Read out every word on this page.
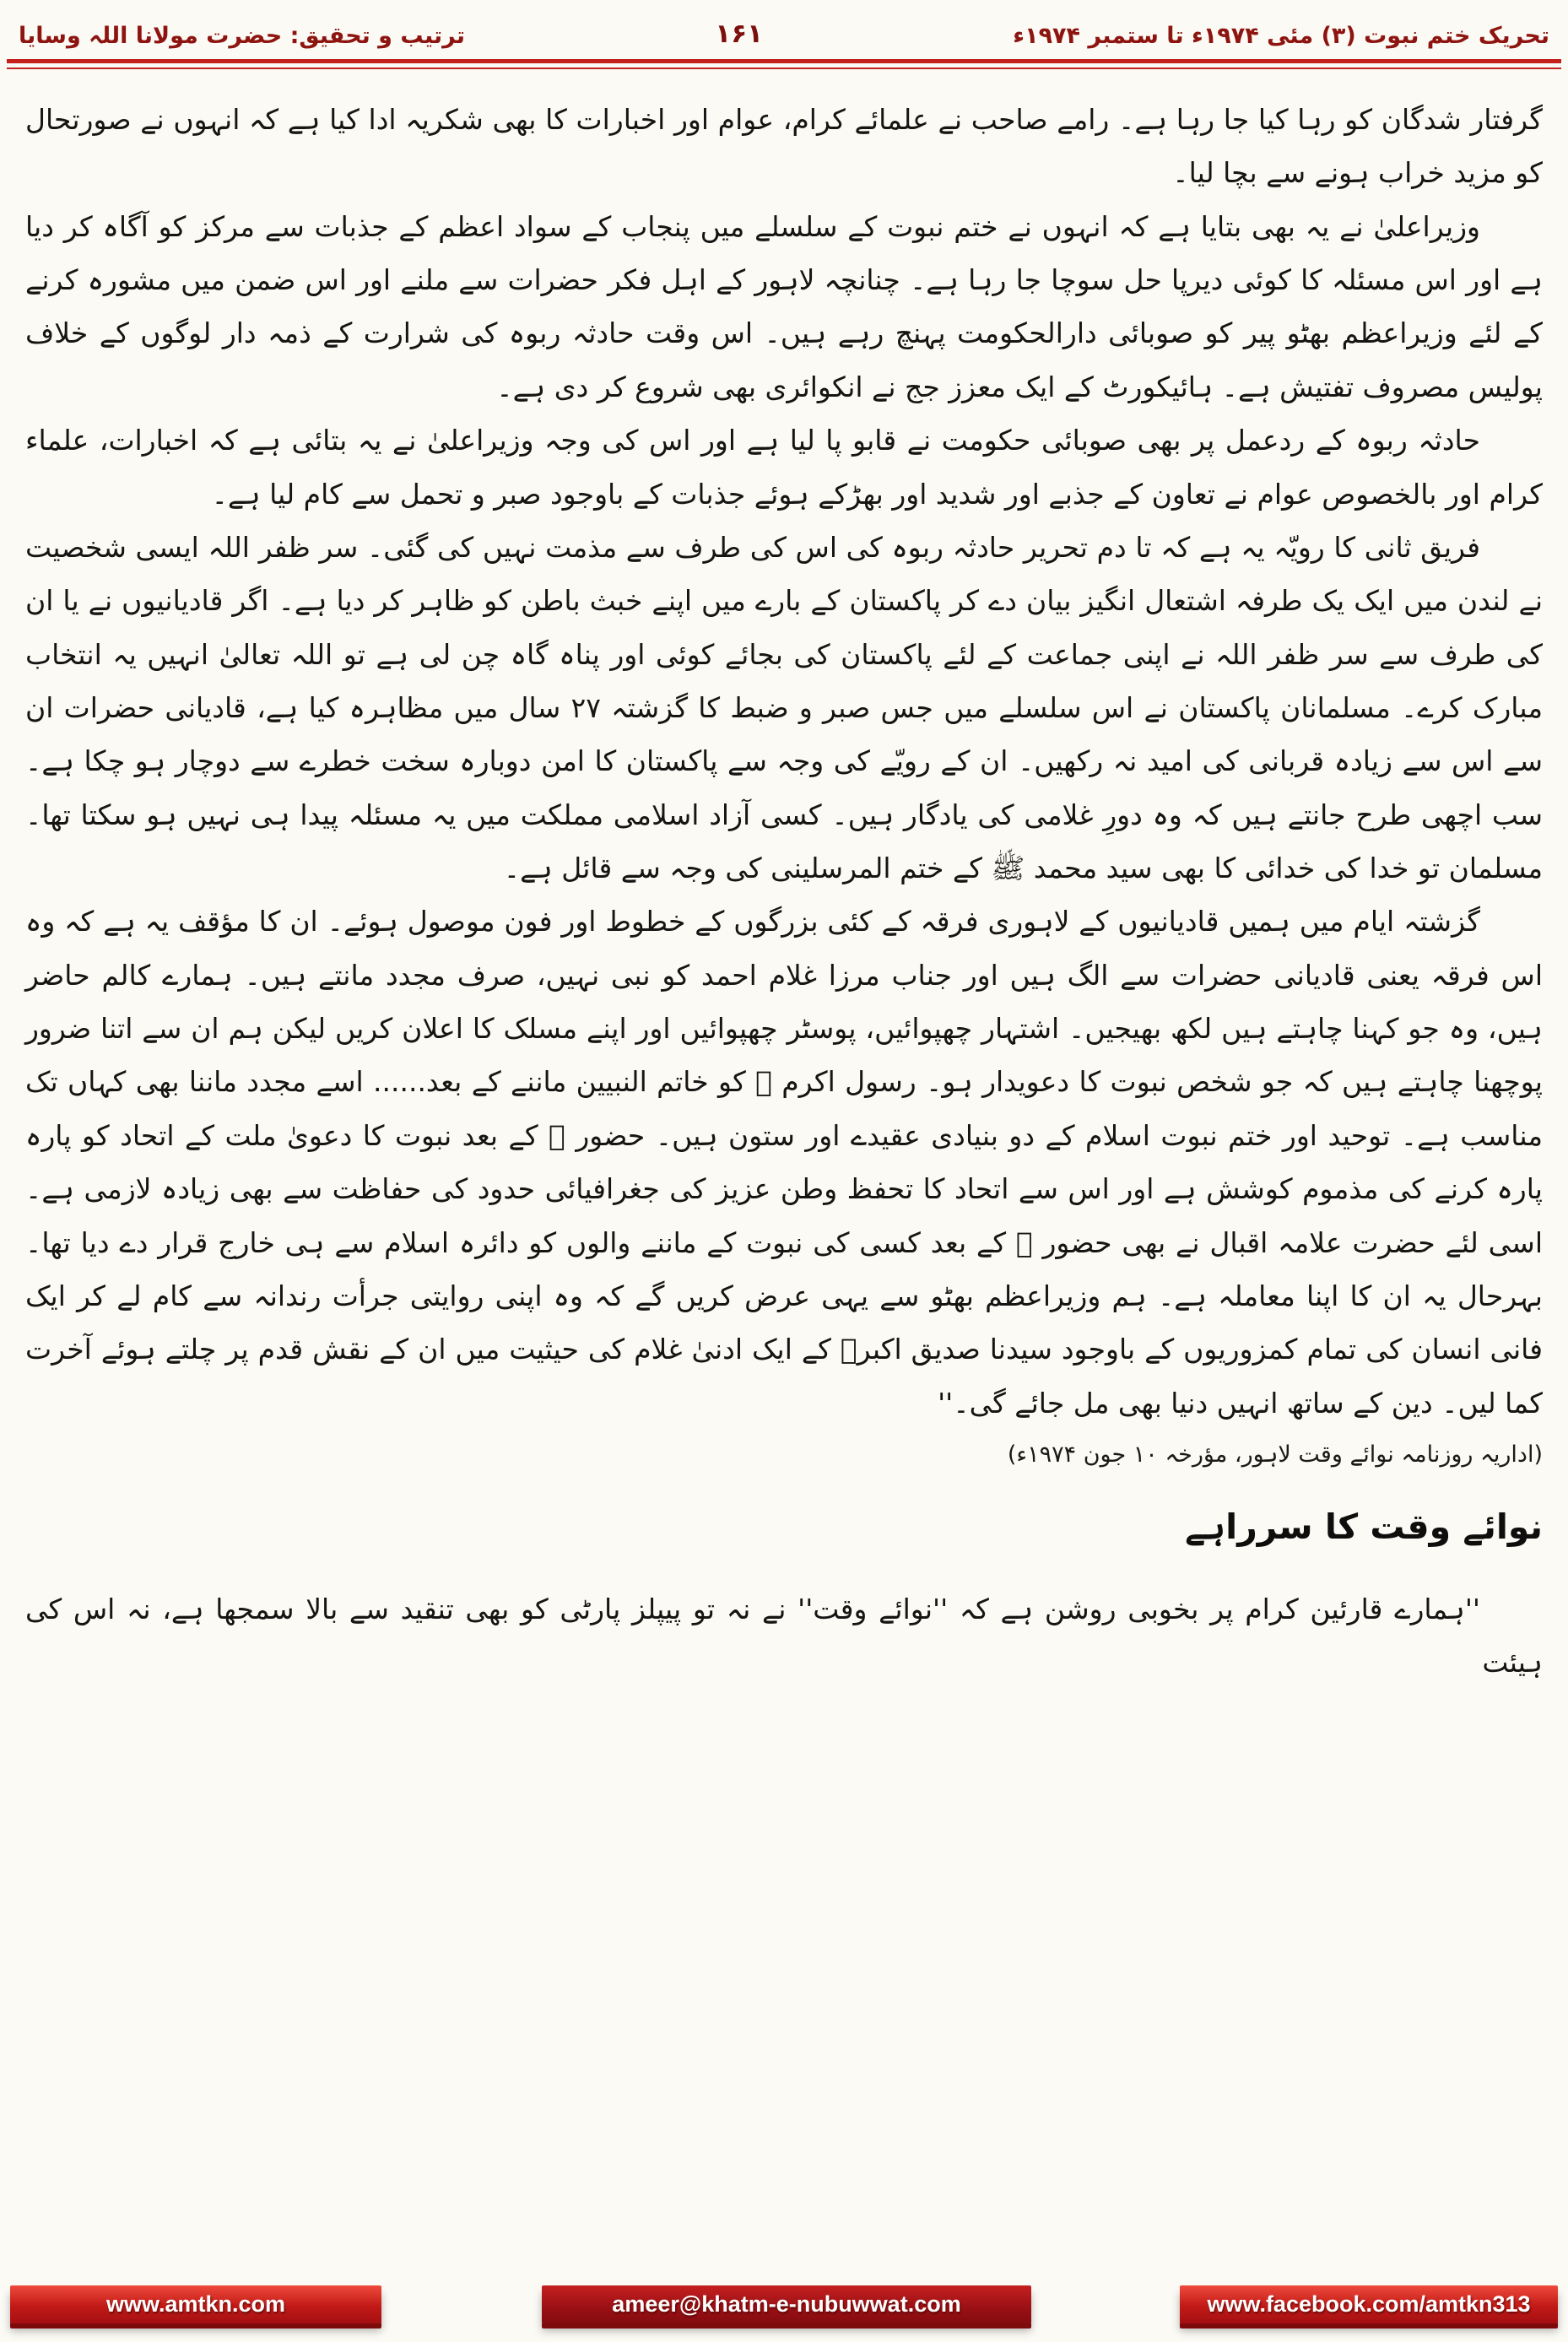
تحریک ختم نبوت (۳) مئی ۱۹۷۴ء تا ستمبر ۱۹۷۴ء
۱۶۱
ترتیب و تحقیق: حضرت مولانا اللہ وسایا

گرفتار شدگان کو رہا کیا جا رہا ہے۔ رامے صاحب نے علمائے کرام، عوام اور اخبارات کا بھی شکریہ ادا کیا ہے کہ انہوں نے صورتحال کو مزید خراب ہونے سے بچا لیا۔

وزیراعلیٰ نے یہ بھی بتایا ہے کہ انہوں نے ختم نبوت کے سلسلے میں پنجاب کے سواد اعظم کے جذبات سے مرکز کو آگاہ کر دیا ہے اور اس مسئلہ کا کوئی دیرپا حل سوچا جا رہا ہے۔ چنانچہ لاہور کے اہل فکر حضرات سے ملنے اور اس ضمن میں مشورہ کرنے کے لئے وزیراعظم بھٹو پیر کو صوبائی دارالحکومت پہنچ رہے ہیں۔ اس وقت حادثہ ربوہ کی شرارت کے ذمہ دار لوگوں کے خلاف پولیس مصروف تفتیش ہے۔ ہائیکورٹ کے ایک معزز جج نے انکوائری بھی شروع کر دی ہے۔

حادثہ ربوہ کے ردعمل پر بھی صوبائی حکومت نے قابو پا لیا ہے اور اس کی وجہ وزیراعلیٰ نے یہ بتائی ہے کہ اخبارات، علماء کرام اور بالخصوص عوام نے تعاون کے جذبے اور شدید اور بھڑکے ہوئے جذبات کے باوجود صبر و تحمل سے کام لیا ہے۔

فریق ثانی کا رویّہ یہ ہے کہ تا دم تحریر حادثہ ربوہ کی اس کی طرف سے مذمت نہیں کی گئی۔ سر ظفر اللہ ایسی شخصیت نے لندن میں ایک یک طرفہ اشتعال انگیز بیان دے کر پاکستان کے بارے میں اپنے خبث باطن کو ظاہر کر دیا ہے۔ اگر قادیانیوں نے یا ان کی طرف سے سر ظفر اللہ نے اپنی جماعت کے لئے پاکستان کی بجائے کوئی اور پناہ گاہ چن لی ہے تو اللہ تعالیٰ انہیں یہ انتخاب مبارک کرے۔ مسلمانان پاکستان نے اس سلسلے میں جس صبر و ضبط کا گزشتہ ۲۷ سال میں مظاہرہ کیا ہے، قادیانی حضرات ان سے اس سے زیادہ قربانی کی امید نہ رکھیں۔ ان کے رویّے کی وجہ سے پاکستان کا امن دوبارہ سخت خطرے سے دوچار ہو چکا ہے۔ سب اچھی طرح جانتے ہیں کہ وہ دورِ غلامی کی یادگار ہیں۔ کسی آزاد اسلامی مملکت میں یہ مسئلہ پیدا ہی نہیں ہو سکتا تھا۔ مسلمان تو خدا کی خدائی کا بھی سید محمد ﷺ کے ختم المرسلینی کی وجہ سے قائل ہے۔

گزشتہ ایام میں ہمیں قادیانیوں کے لاہوری فرقہ کے کئی بزرگوں کے خطوط اور فون موصول ہوئے۔ ان کا مؤقف یہ ہے کہ وہ اس فرقہ یعنی قادیانی حضرات سے الگ ہیں اور جناب مرزا غلام احمد کو نبی نہیں، صرف مجدد مانتے ہیں۔ ہمارے کالم حاضر ہیں، وہ جو کہنا چاہتے ہیں لکھ بھیجیں۔ اشتہار چھپوائیں، پوسٹر چھپوائیں اور اپنے مسلک کا اعلان کریں لیکن ہم ان سے اتنا ضرور پوچھنا چاہتے ہیں کہ جو شخص نبوت کا دعویدار ہو۔ رسول اکرم ﷺ کو خاتم النبیین ماننے کے بعد...... اسے مجدد ماننا بھی کہاں تک مناسب ہے۔ توحید اور ختم نبوت اسلام کے دو بنیادی عقیدے اور ستون ہیں۔ حضور ﷺ کے بعد نبوت کا دعویٰ ملت کے اتحاد کو پارہ پارہ کرنے کی مذموم کوشش ہے اور اس سے اتحاد کا تحفظ وطن عزیز کی جغرافیائی حدود کی حفاظت سے بھی زیادہ لازمی ہے۔ اسی لئے حضرت علامہ اقبال نے بھی حضور ﷺ کے بعد کسی کی نبوت کے ماننے والوں کو دائرہ اسلام سے ہی خارج قرار دے دیا تھا۔ بہرحال یہ ان کا اپنا معاملہ ہے۔ ہم وزیراعظم بھٹو سے یہی عرض کریں گے کہ وہ اپنی روایتی جرأت رندانہ سے کام لے کر ایک فانی انسان کی تمام کمزوریوں کے باوجود سیدنا صدیق اکبرؓ کے ایک ادنیٰ غلام کی حیثیت میں ان کے نقش قدم پر چلتے ہوئے آخرت کما لیں۔ دین کے ساتھ انہیں دنیا بھی مل جائے گی۔''

(اداریہ روزنامہ نوائے وقت لاہور، مؤرخہ ۱۰ جون ۱۹۷۴ء)
نوائے وقت کا سرراہے

''ہمارے قارئین کرام پر بخوبی روشن ہے کہ ''نوائے وقت'' نے نہ تو پیپلز پارٹی کو بھی تنقید سے بالا سمجھا ہے، نہ اس کی ہیئت

www.amtkn.com	ameer@khatm-e-nubuwwat.com	www.facebook.com/amtkn313
